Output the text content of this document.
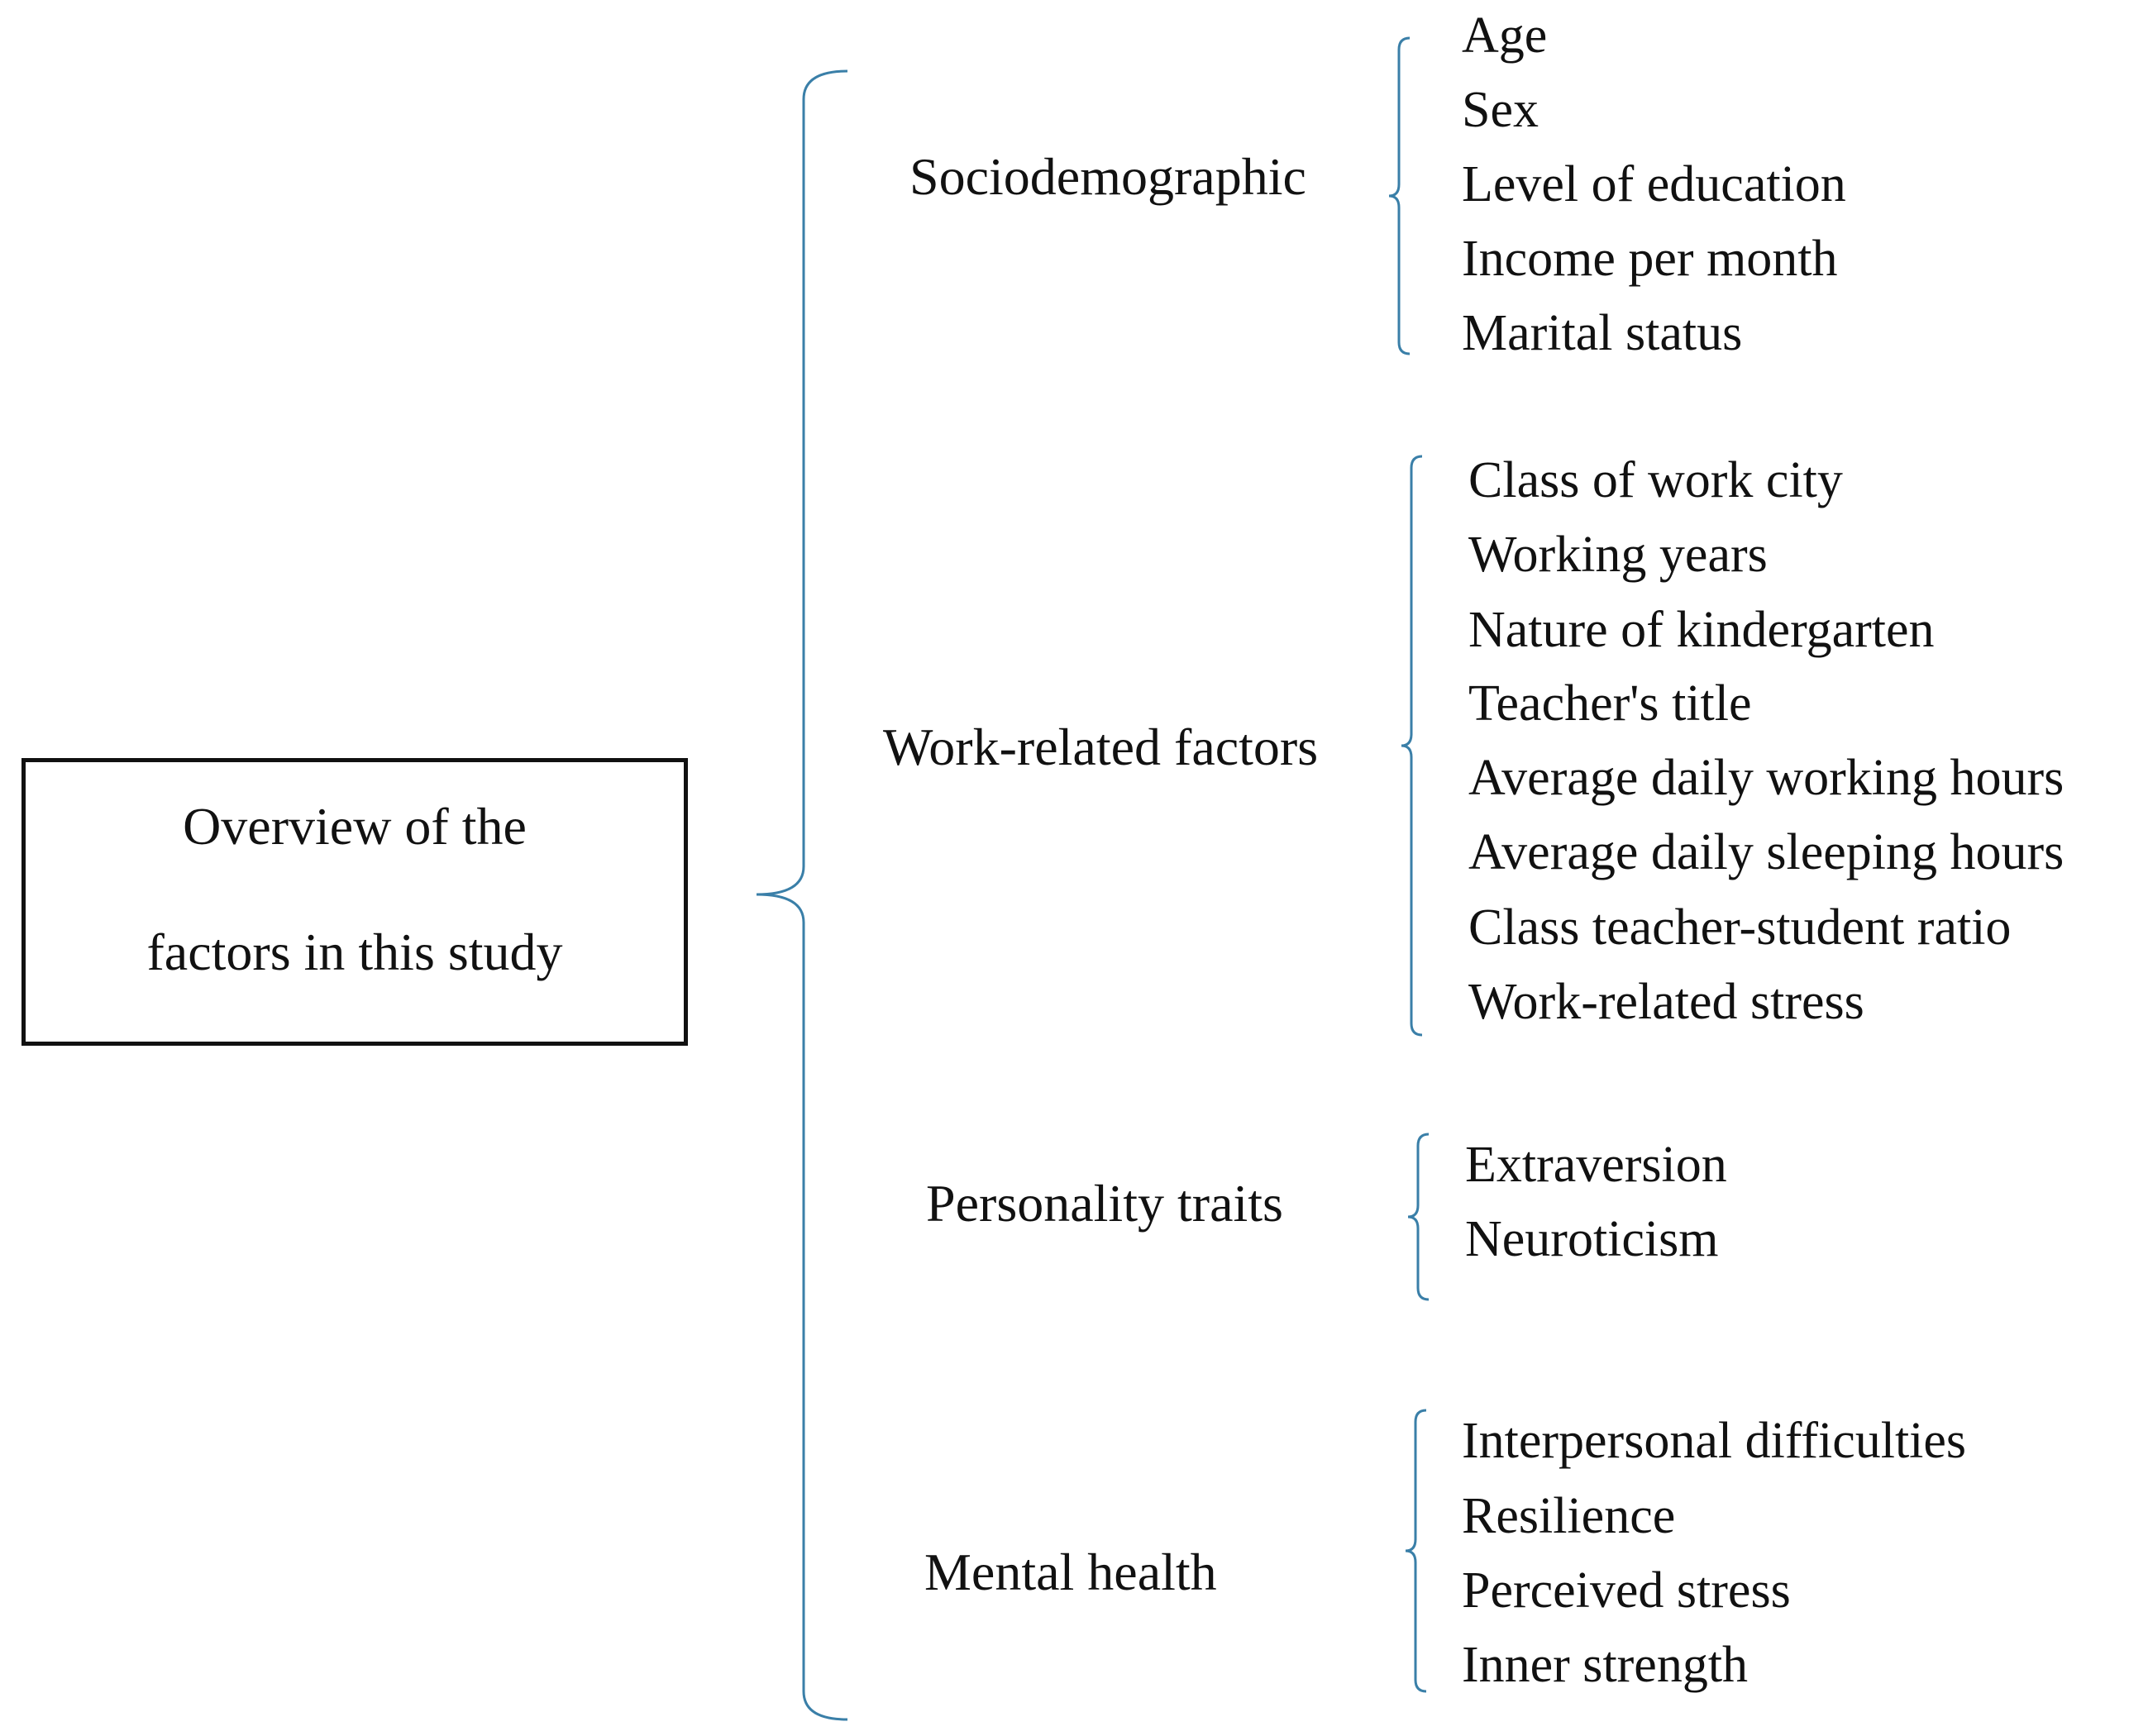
Overview of the
factors in this study
Sociodemographic
Work-related factors
Personality traits
Mental health
Age
Sex
Level of education
Income per month
Marital status
Class of work city
Working years
Nature of kindergarten
Teacher's title
Average daily working hours
Average daily sleeping hours
Class teacher-student ratio
Work-related stress
Extraversion
Neuroticism
Interpersonal difficulties
Resilience
Perceived stress
Inner strength
